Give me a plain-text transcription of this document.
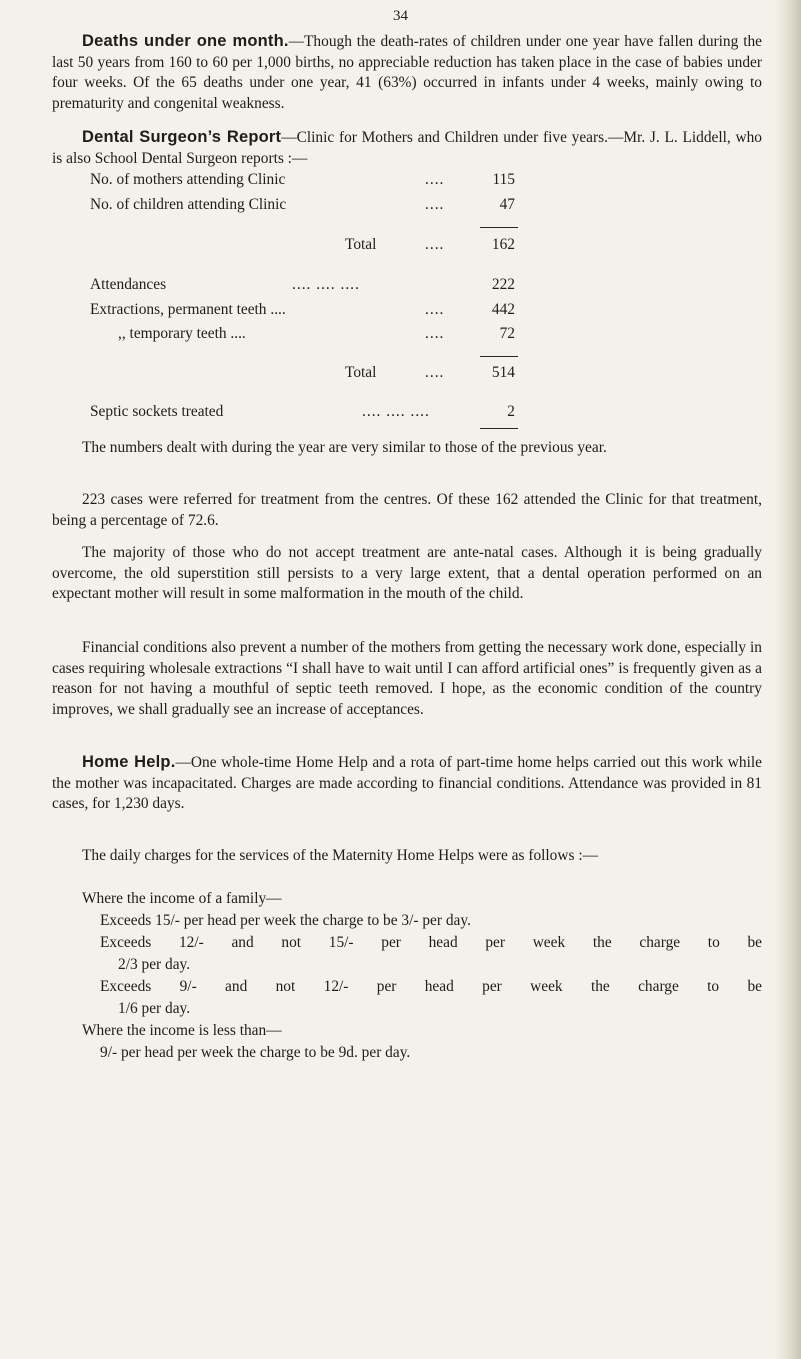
34

Deaths under one month.—Though the death-rates of children under one year have fallen during the last 50 years from 160 to 60 per 1,000 births, no appreciable reduction has taken place in the case of babies under four weeks. Of the 65 deaths under one year, 41 (63%) occurred in infants under 4 weeks, mainly owing to prematurity and congenital weakness.

Dental Surgeon’s Report—Clinic for Mothers and Children under five years.—Mr. J. L. Liddell, who is also School Dental Surgeon reports :—

No. of mothers attending Clinic	....	115
No. of children attending Clinic	....	47
Total	....	162
Attendances	.... .... ....	222
Extractions, permanent teeth ....	....	442
,, temporary teeth ....	....	72
Total	....	514
Septic sockets treated	.... .... ....	2

The numbers dealt with during the year are very similar to those of the previous year.

223 cases were referred for treatment from the centres. Of these 162 attended the Clinic for that treatment, being a percentage of 72.6.

The majority of those who do not accept treatment are ante-natal cases. Although it is being gradually overcome, the old superstition still persists to a very large extent, that a dental operation performed on an expectant mother will result in some malformation in the mouth of the child.

Financial conditions also prevent a number of the mothers from getting the necessary work done, especially in cases requiring wholesale extractions “I shall have to wait until I can afford artificial ones” is frequently given as a reason for not having a mouthful of septic teeth removed. I hope, as the economic condition of the country improves, we shall gradually see an increase of acceptances.

Home Help.—One whole-time Home Help and a rota of part-time home helps carried out this work while the mother was incapacitated. Charges are made according to financial conditions. Attendance was provided in 81 cases, for 1,230 days.

The daily charges for the services of the Maternity Home Helps were as follows :—

Where the income of a family—
Exceeds 15/- per head per week the charge to be 3/- per day.
Exceeds 12/- and not 15/- per head per week the charge to be
2/3 per day.
Exceeds 9/- and not 12/- per head per week the charge to be
1/6 per day.
Where the income is less than—
9/- per head per week the charge to be 9d. per day.
